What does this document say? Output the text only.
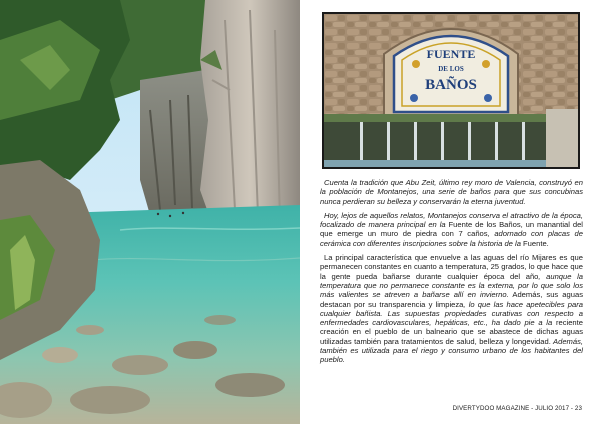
FUENTE
DE LOS
BAÑOS

Cuenta la tradición que Abu Zeit, último rey moro de Valencia, construyó en la población de Montanejos, una serie de baños para que sus concubinas nunca perdieran su belleza y conservarán la eterna juventud.

Hoy, lejos de aquellos relatos, Montanejos conserva el atractivo de la época, focalizado de manera principal en la Fuente de los Baños, un manantial del que emerge un muro de piedra con 7 caños, adornado con placas de cerámica con diferentes inscripciones sobre la historia de la Fuente.

La principal característica que envuelve a las aguas del río Mijares es que permanecen constantes en cuanto a temperatura, 25 grados, lo que hace que la gente pueda bañarse durante cualquier época del año, aunque la temperatura que no permanece constante es la externa, por lo que solo los más valientes se atreven a bañarse allí en invierno. Además, sus aguas destacan por su transparencia y limpieza, lo que las hace apetecibles para cualquier bañista. Las supuestas propiedades curativas con respecto a enfermedades cardiovasculares, hepáticas, etc., ha dado pie a la reciente creación en el pueblo de un balneario que se abastece de dichas aguas utilizadas también para tratamientos de salud, belleza y longevidad. Además, también es utilizada para el riego y consumo urbano de los habitantes del pueblo.

DIVERTYDOO MAGAZINE - JULIO 2017 - 23
